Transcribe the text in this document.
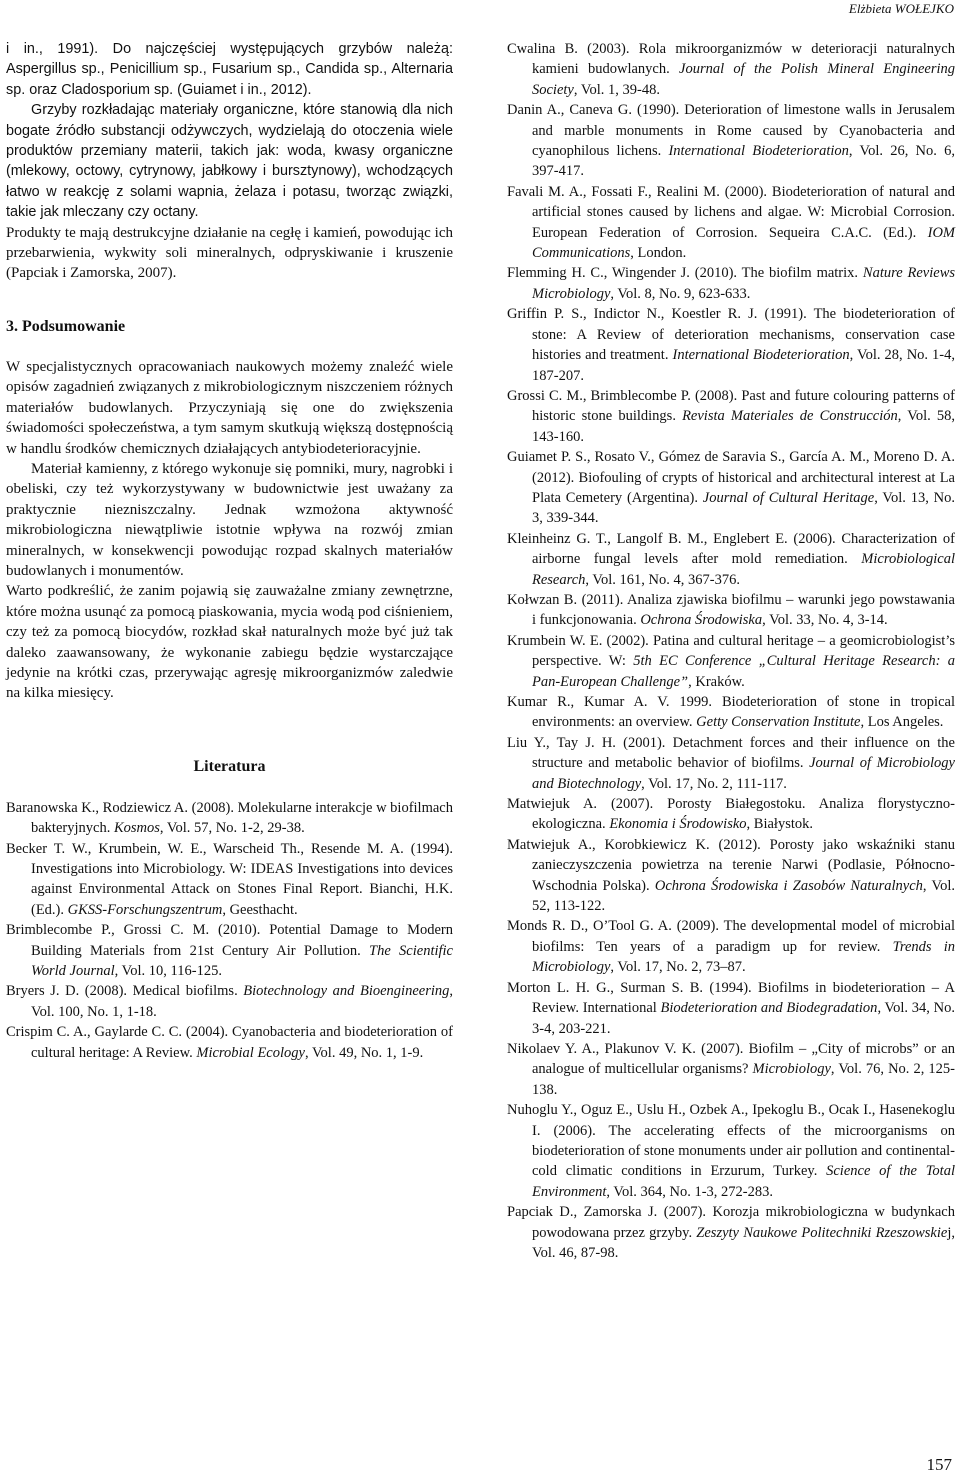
Elżbieta WOŁEJKO

i in., 1991). Do najczęściej występujących grzybów należą: Aspergillus sp., Penicillium sp., Fusarium sp., Candida sp., Alternaria sp. oraz Cladosporium sp. (Guiamet i in., 2012).

Grzyby rozkładając materiały organiczne, które stanowią dla nich bogate źródło substancji odżywczych, wydzielają do otoczenia wiele produktów przemiany materii, takich jak: woda, kwasy organiczne (mlekowy, octowy, cytrynowy, jabłkowy i bursztynowy), wchodzących łatwo w reakcję z solami wapnia, żelaza i potasu, tworząc związki, takie jak mleczany czy octany.

Produkty te mają destrukcyjne działanie na cegłę i kamień, powodując ich przebarwienia, wykwity soli mineralnych, odpryskiwanie i kruszenie (Papciak i Zamorska, 2007).

3. Podsumowanie

W specjalistycznych opracowaniach naukowych możemy znaleźć wiele opisów zagadnień związanych z mikrobiologicznym niszczeniem różnych materiałów budowlanych. Przyczyniają się one do zwiększenia świadomości społeczeństwa, a tym samym skutkują większą dostępnością w handlu środków chemicznych działających antybiodeterioracyjnie.

Materiał kamienny, z którego wykonuje się pomniki, mury, nagrobki i obeliski, czy też wykorzystywany w budownictwie jest uważany za praktycznie niezniszczalny. Jednak wzmożona aktywność mikrobiologiczna niewątpliwie istotnie wpływa na rozwój zmian mineralnych, w konsekwencji powodując rozpad skalnych materiałów budowlanych i monumentów.

Warto podkreślić, że zanim pojawią się zauważalne zmiany zewnętrzne, które można usunąć za pomocą piaskowania, mycia wodą pod ciśnieniem, czy też za pomocą biocydów, rozkład skał naturalnych może być już tak daleko zaawansowany, że wykonanie zabiegu będzie wystarczające jedynie na krótki czas, przerywając agresję mikroorganizmów zaledwie na kilka miesięcy.

Literatura

Baranowska K., Rodziewicz A. (2008). Molekularne interakcje w biofilmach bakteryjnych. Kosmos, Vol. 57, No. 1-2, 29-38.

Becker T. W., Krumbein, W. E., Warscheid Th., Resende M. A. (1994). Investigations into Microbiology. W: IDEAS Investigations into devices against Environmental Attack on Stones Final Report. Bianchi, H.K. (Ed.). GKSS-Forschungszentrum, Geesthacht.

Brimblecombe P., Grossi C. M. (2010). Potential Damage to Modern Building Materials from 21st Century Air Pollution. The Scientific World Journal, Vol. 10, 116-125.

Bryers J. D. (2008). Medical biofilms. Biotechnology and Bioengineering, Vol. 100, No. 1, 1-18.

Crispim C. A., Gaylarde C. C. (2004). Cyanobacteria and biodeterioration of cultural heritage: A Review. Microbial Ecology, Vol. 49, No. 1, 1-9.

Cwalina B. (2003). Rola mikroorganizmów w deterioracji naturalnych kamieni budowlanych. Journal of the Polish Mineral Engineering Society, Vol. 1, 39-48.

Danin A., Caneva G. (1990). Deterioration of limestone walls in Jerusalem and marble monuments in Rome caused by Cyanobacteria and cyanophilous lichens. International Biodeterioration, Vol. 26, No. 6, 397-417.

Favali M. A., Fossati F., Realini M. (2000). Biodeterioration of natural and artificial stones caused by lichens and algae. W: Microbial Corrosion. European Federation of Corrosion. Sequeira C.A.C. (Ed.). IOM Communications, London.

Flemming H. C., Wingender J. (2010). The biofilm matrix. Nature Reviews Microbiology, Vol. 8, No. 9, 623-633.

Griffin P. S., Indictor N., Koestler R. J. (1991). The biodeterioration of stone: A Review of deterioration mechanisms, conservation case histories and treatment. International Biodeterioration, Vol. 28, No. 1-4, 187-207.

Grossi C. M., Brimblecombe P. (2008). Past and future colouring patterns of historic stone buildings. Revista Materiales de Construcción, Vol. 58, 143-160.

Guiamet P. S., Rosato V., Gómez de Saravia S., García A. M., Moreno D. A. (2012). Biofouling of crypts of historical and architectural interest at La Plata Cemetery (Argentina). Journal of Cultural Heritage, Vol. 13, No. 3, 339-344.

Kleinheinz G. T., Langolf B. M., Englebert E. (2006). Characterization of airborne fungal levels after mold remediation. Microbiological Research, Vol. 161, No. 4, 367-376.

Kołwzan B. (2011). Analiza zjawiska biofilmu – warunki jego powstawania i funkcjonowania. Ochrona Środowiska, Vol. 33, No. 4, 3-14.

Krumbein W. E. (2002). Patina and cultural heritage – a geomicrobiologist’s perspective. W: 5th EC Conference „Cultural Heritage Research: a Pan-European Challenge”, Kraków.

Kumar R., Kumar A. V. 1999. Biodeterioration of stone in tropical environments: an overview. Getty Conservation Institute, Los Angeles.

Liu Y., Tay J. H. (2001). Detachment forces and their influence on the structure and metabolic behavior of biofilms. Journal of Microbiology and Biotechnology, Vol. 17, No. 2, 111-117.

Matwiejuk A. (2007). Porosty Białegostoku. Analiza florystyczno-ekologiczna. Ekonomia i Środowisko, Białystok.

Matwiejuk A., Korobkiewicz K. (2012). Porosty jako wskaźniki stanu zanieczyszczenia powietrza na terenie Narwi (Podlasie, Północno-Wschodnia Polska). Ochrona Środowiska i Zasobów Naturalnych, Vol. 52, 113-122.

Monds R. D., O’Tool G. A. (2009). The developmental model of microbial biofilms: Ten years of a paradigm up for review. Trends in Microbiology, Vol. 17, No. 2, 73–87.

Morton L. H. G., Surman S. B. (1994). Biofilms in biodeterioration – A Review. International Biodeterioration and Biodegradation, Vol. 34, No. 3-4, 203-221.

Nikolaev Y. A., Plakunov V. K. (2007). Biofilm – „City of microbs” or an analogue of multicellular organisms? Microbiology, Vol. 76, No. 2, 125-138.

Nuhoglu Y., Oguz E., Uslu H., Ozbek A., Ipekoglu B., Ocak I., Hasenekoglu I. (2006). The accelerating effects of the microorganisms on biodeterioration of stone monuments under air pollution and continental-cold climatic conditions in Erzurum, Turkey. Science of the Total Environment, Vol. 364, No. 1-3, 272-283.

Papciak D., Zamorska J. (2007). Korozja mikrobiologiczna w budynkach powodowana przez grzyby. Zeszyty Naukowe Politechniki Rzeszowskiej, Vol. 46, 87-98.

157
